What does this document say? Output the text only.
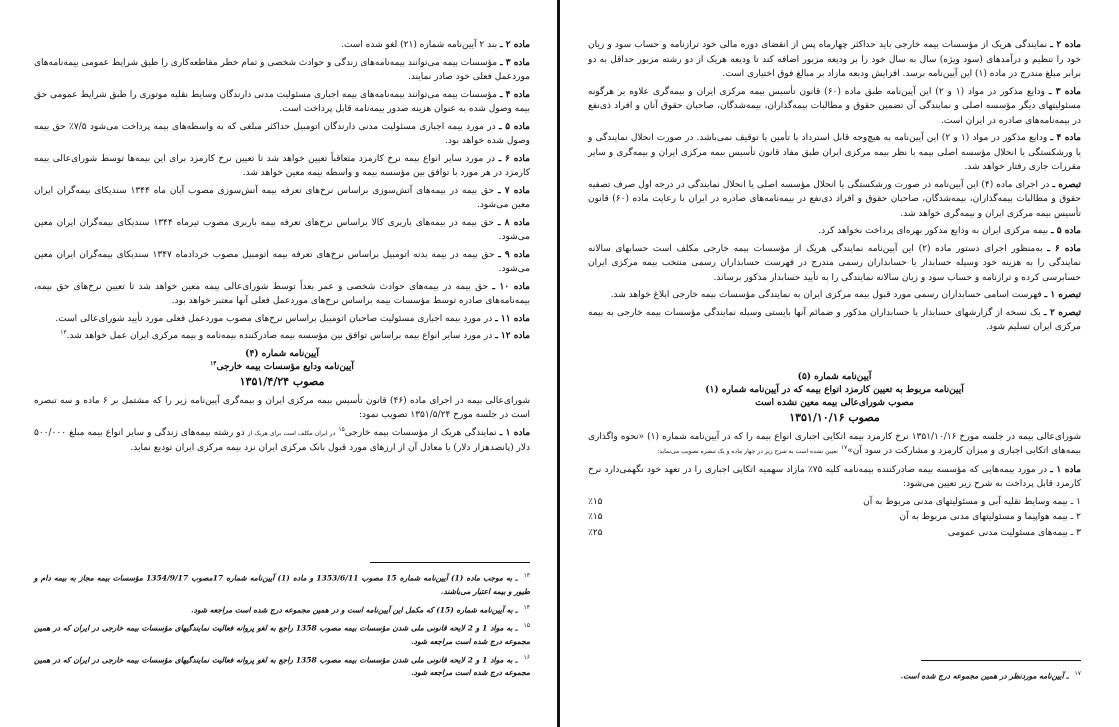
ماده ۲ ـ بند ۲ آیین‌نامه شماره (۲۱) لغو شده است.

ماده ۳ ـ مؤسسات بیمه می‌توانند بیمه‌نامه‌های زندگی و حوادث شخصی و تمام خطر مقاطعه‌کاری را طبق شرایط عمومی بیمه‌نامه‌های مورد‌عمل فعلی خود صادر نمایند.

ماده ۴ ـ مؤسسات بیمه می‌توانند بیمه‌نامه‌های بیمه اجباری مسئولیت مدنی دارندگان وسایط نقلیه موتوری را طبق شرایط عمومی حق بیمه وصول شده به عنوان هزینه صدور بیمه‌نامه قابل پرداخت است.

ماده ۵ ـ در مورد بیمه اجباری مسئولیت مدنی دارندگان اتومبیل حداکثر مبلغی که به واسطه‌های بیمه پرداخت می‌شود ۷/۵٪ حق بیمه وصول شده خواهد بود.

ماده ۶ ـ در مورد سایر انواع بیمه نرخ کارمزد متعاقباً تعیین خواهد شد تا تعیین نرخ کارمزد برای این بیمه‌ها توسط شورای‌عالی بیمه کارمزد در هر مورد با توافق بین مؤسسه بیمه و واسطه بیمه معین خواهد شد.

ماده ۷ ـ حق بیمه در بیمه‌های آتش‌سوزی براساس نرخ‌های تعرفه بیمه آتش‌سوزی مصوب آبان ماه ۱۳۴۴ سندیکای بیمه‌گران ایران معین می‌شود.

ماده ۸ ـ حق بیمه در بیمه‌های باربری کالا براساس نرخ‌های تعرفه بیمه باربری مصوب تیرماه ۱۳۴۴ سندیکای بیمه‌گران ایران معین می‌شود.

ماده ۹ ـ حق بیمه در بیمه بدنه اتومبیل براساس نرخ‌های تعرفه بیمه اتومبیل مصوب خردادماه ۱۳۴۷ سندیکای بیمه‌گران ایران معین می‌شود.

ماده ۱۰ ـ حق بیمه در بیمه‌های حوادث شخصی و عمر بعداً توسط شورای‌عالی بیمه معین خواهد شد تا تعیین نرخ‌های حق بیمه، بیمه‌نامه‌های صادره توسط مؤسسات بیمه براساس نرخ‌های مورد‌عمل فعلی آنها معتبر خواهد بود.

ماده ۱۱ ـ در مورد بیمه اجباری مسئولیت صاحبان اتومبیل براساس نرخ‌های مصوب مورد‌عمل فعلی مورد تأیید شورای‌عالی است.

ماده ۱۲ ـ در مورد سایر انواع بیمه براساس توافق بین مؤسسه بیمه صادرکننده بیمه‌نامه و بیمه مرکزی ایران عمل خواهد شد.$^{۱۳}$

آیین‌نامه شماره (۴)
آیین‌نامه ودایع مؤسسات بیمه خارجی$^{۱۴}$
مصوب ۱۳۵۱/۴/۲۴

شورای‌عالی بیمه در اجرای ماده (۴۶) قانون تأسیس بیمه مرکزی ایران و بیمه‌گری آیین‌نامه زیر را که مشتمل بر ۶ ماده و سه تبصره است در جلسه مورخ ۱۳۵۱/۵/۲۴ تصویب نمود:

ماده ۱ ـ نمایندگی هریک از مؤسسات بیمه خارجی$^{۱۵}$ در ایران مکلف است برای هریک از دو رشته بیمه‌های زندگی و سایر انواع بیمه مبلغ ۵۰۰/۰۰۰ دلار (پانصدهزار دلار) یا معادل آن از ارزهای مورد قبول بانک مرکزی ایران نزد بیمه مرکزی ایران تودیع نماید.

$^{۱۳}$ـ به موجب ماده (1) آیین‌نامه شماره 15 مصوب 1353/6/11 و ماده (1) آیین‌نامه شماره 17مصوب 1354/9/17 مؤسسات بیمه مجاز به بیمه دام و طیور و بیمه اعتبار می‌باشند.
$^{۱۴}$ـ به آیین‌نامه شماره (15) که مکمل این آیین‌نامه است و در همین مجموعه درج شده است مراجعه شود.
$^{۱۵}$ـ به مواد 1 و 2 لایحه قانونی ملی شدن مؤسسات بیمه مصوب 1358 راجع به لغو پروانه فعالیت نمایندگیهای مؤسسات بیمه خارجی در ایران که در همین مجموعه درج شده است مراجعه شود.
$^{۱۶}$ـ به مواد 1 و 2 لایحه قانونی ملی شدن مؤسسات بیمه مصوب 1358 راجع به لغو پروانه فعالیت نمایندگیهای مؤسسات بیمه خارجی در ایران که در همین مجموعه درج شده است مراجعه شود.

ماده ۲ ـ نمایندگی هریک از مؤسسات بیمه خارجی باید حداکثر چهارماه پس از انقضای دوره مالی خود ترازنامه و حساب سود و زیان خود را تنظیم و درآمدهای (سود ویژه) سال به سال خود را بر ودیعه مزبور اضافه کند تا ودیعه هریک از دو رشته مزبور حداقل به دو برابر مبلغ مندرج در ماده (۱) این آیین‌نامه برسد. افزایش ودیعه مازاد بر مبالغ فوق اختیاری است.

ماده ۳ ـ ودایع مذکور در مواد (۱ و ۲) این آیین‌نامه طبق ماده (۶۰) قانون تأسیس بیمه مرکزی ایران و بیمه‌گری علاوه بر هرگونه مسئولیتهای دیگر مؤسسه اصلی و نمایندگی آن تضمین حقوق و مطالبات بیمه‌گذاران، بیمه‌شدگان، صاحبان حقوق آنان و افراد ذی‌نفع در بیمه‌نامه‌های صادره در ایران است.

ماده ۴ ـ ودایع مذکور در مواد (۱ و ۲) این آیین‌نامه به هیچ‌وجه قابل استرداد یا تأمین یا توقیف نمی‌باشد. در صورت انحلال نمایندگی و یا ورشکستگی یا انحلال مؤسسه اصلی بیمه با نظر بیمه مرکزی ایران طبق مفاد قانون تأسیس بیمه مرکزی ایران و بیمه‌گری و سایر مقررات جاری رفتار خواهد شد.

تبصره ـ در اجرای ماده (۴) این آیین‌نامه در صورت ورشکستگی یا انحلال مؤسسه اصلی یا انحلال نمایندگی در درجه اول صرف تصفیه حقوق و مطالبات بیمه‌گذاران، بیمه‌شدگان، صاحبان حقوق و افراد ذی‌نفع در بیمه‌نامه‌های صادره در ایران با رعایت ماده (۶۰) قانون تأسیس بیمه مرکزی ایران و بیمه‌گری خواهد شد.

ماده ۵ ـ بیمه مرکزی ایران به ودایع مذکور بهره‌ای پرداخت نخواهد کرد.

ماده ۶ ـ به‌منظور اجرای دستور ماده (۲) این آیین‌نامه نمایندگی هریک از مؤسسات بیمه خارجی مکلف است حسابهای سالانه نمایندگی را به هزینه خود وسیله حسابدار یا حسابداران رسمی مندرج در فهرست حسابداران رسمی منتخب بیمه مرکزی ایران حسابرسی کرده و ترازنامه و حساب سود و زیان سالانه نمایندگی را به تأیید حسابدار مذکور برساند.

تبصره ۱ ـ فهرست اسامی حسابداران رسمی مورد قبول بیمه مرکزی ایران به نمایندگی مؤسسات بیمه خارجی ابلاغ خواهد شد.

تبصره ۲ ـ یک نسخه از گزارشهای حسابدار یا حسابداران مذکور و ضمائم آنها بایستی وسیله نمایندگی مؤسسات بیمه خارجی به بیمه مرکزی ایران تسلیم شود.

آیین‌نامه شماره (۵)
آیین‌نامه مربوط به تعیین کارمزد انواع بیمه که در آیین‌نامه شماره (۱)
مصوب شورای‌عالی بیمه معین نشده است
مصوب ۱۳۵۱/۱۰/۱۶

شورای‌عالی بیمه در جلسه مورخ ۱۳۵۱/۱۰/۱۶ نرخ کارمزد بیمه اتکایی اجباری انواع بیمه را که در آیین‌نامه شماره (۱) «نحوه واگذاری بیمه‌های اتکایی اجباری و میزان کارمزد و مشارکت در سود آن»$^{۱۷}$ تعیین نشده است به شرح زیر در چهار ماده و یک تبصره تصویب می‌نماید:

ماده ۱ ـ در مورد بیمه‌هایی که مؤسسه بیمه صادرکننده بیمه‌نامه کلیه ۷۵٪ مازاد سهمیه اتکایی اجباری را در تعهد خود نگهمی‌دارد نرخ کارمزد قابل پرداخت به شرح زیر تعیین می‌شود:

۱ ـ بیمه وسایط نقلیه آبی و مسئولیتهای مدنی مربوط به آن
٪۱۵
۲ ـ بیمه هواپیما و مسئولیتهای مدنی مربوط به آن
٪۱۵
۳ ـ بیمه‌های مسئولیت مدنی عمومی
٪۲۵
$^{۱۷}$ـ آیین‌نامه موردنظر در همین مجموعه درج شده است.
